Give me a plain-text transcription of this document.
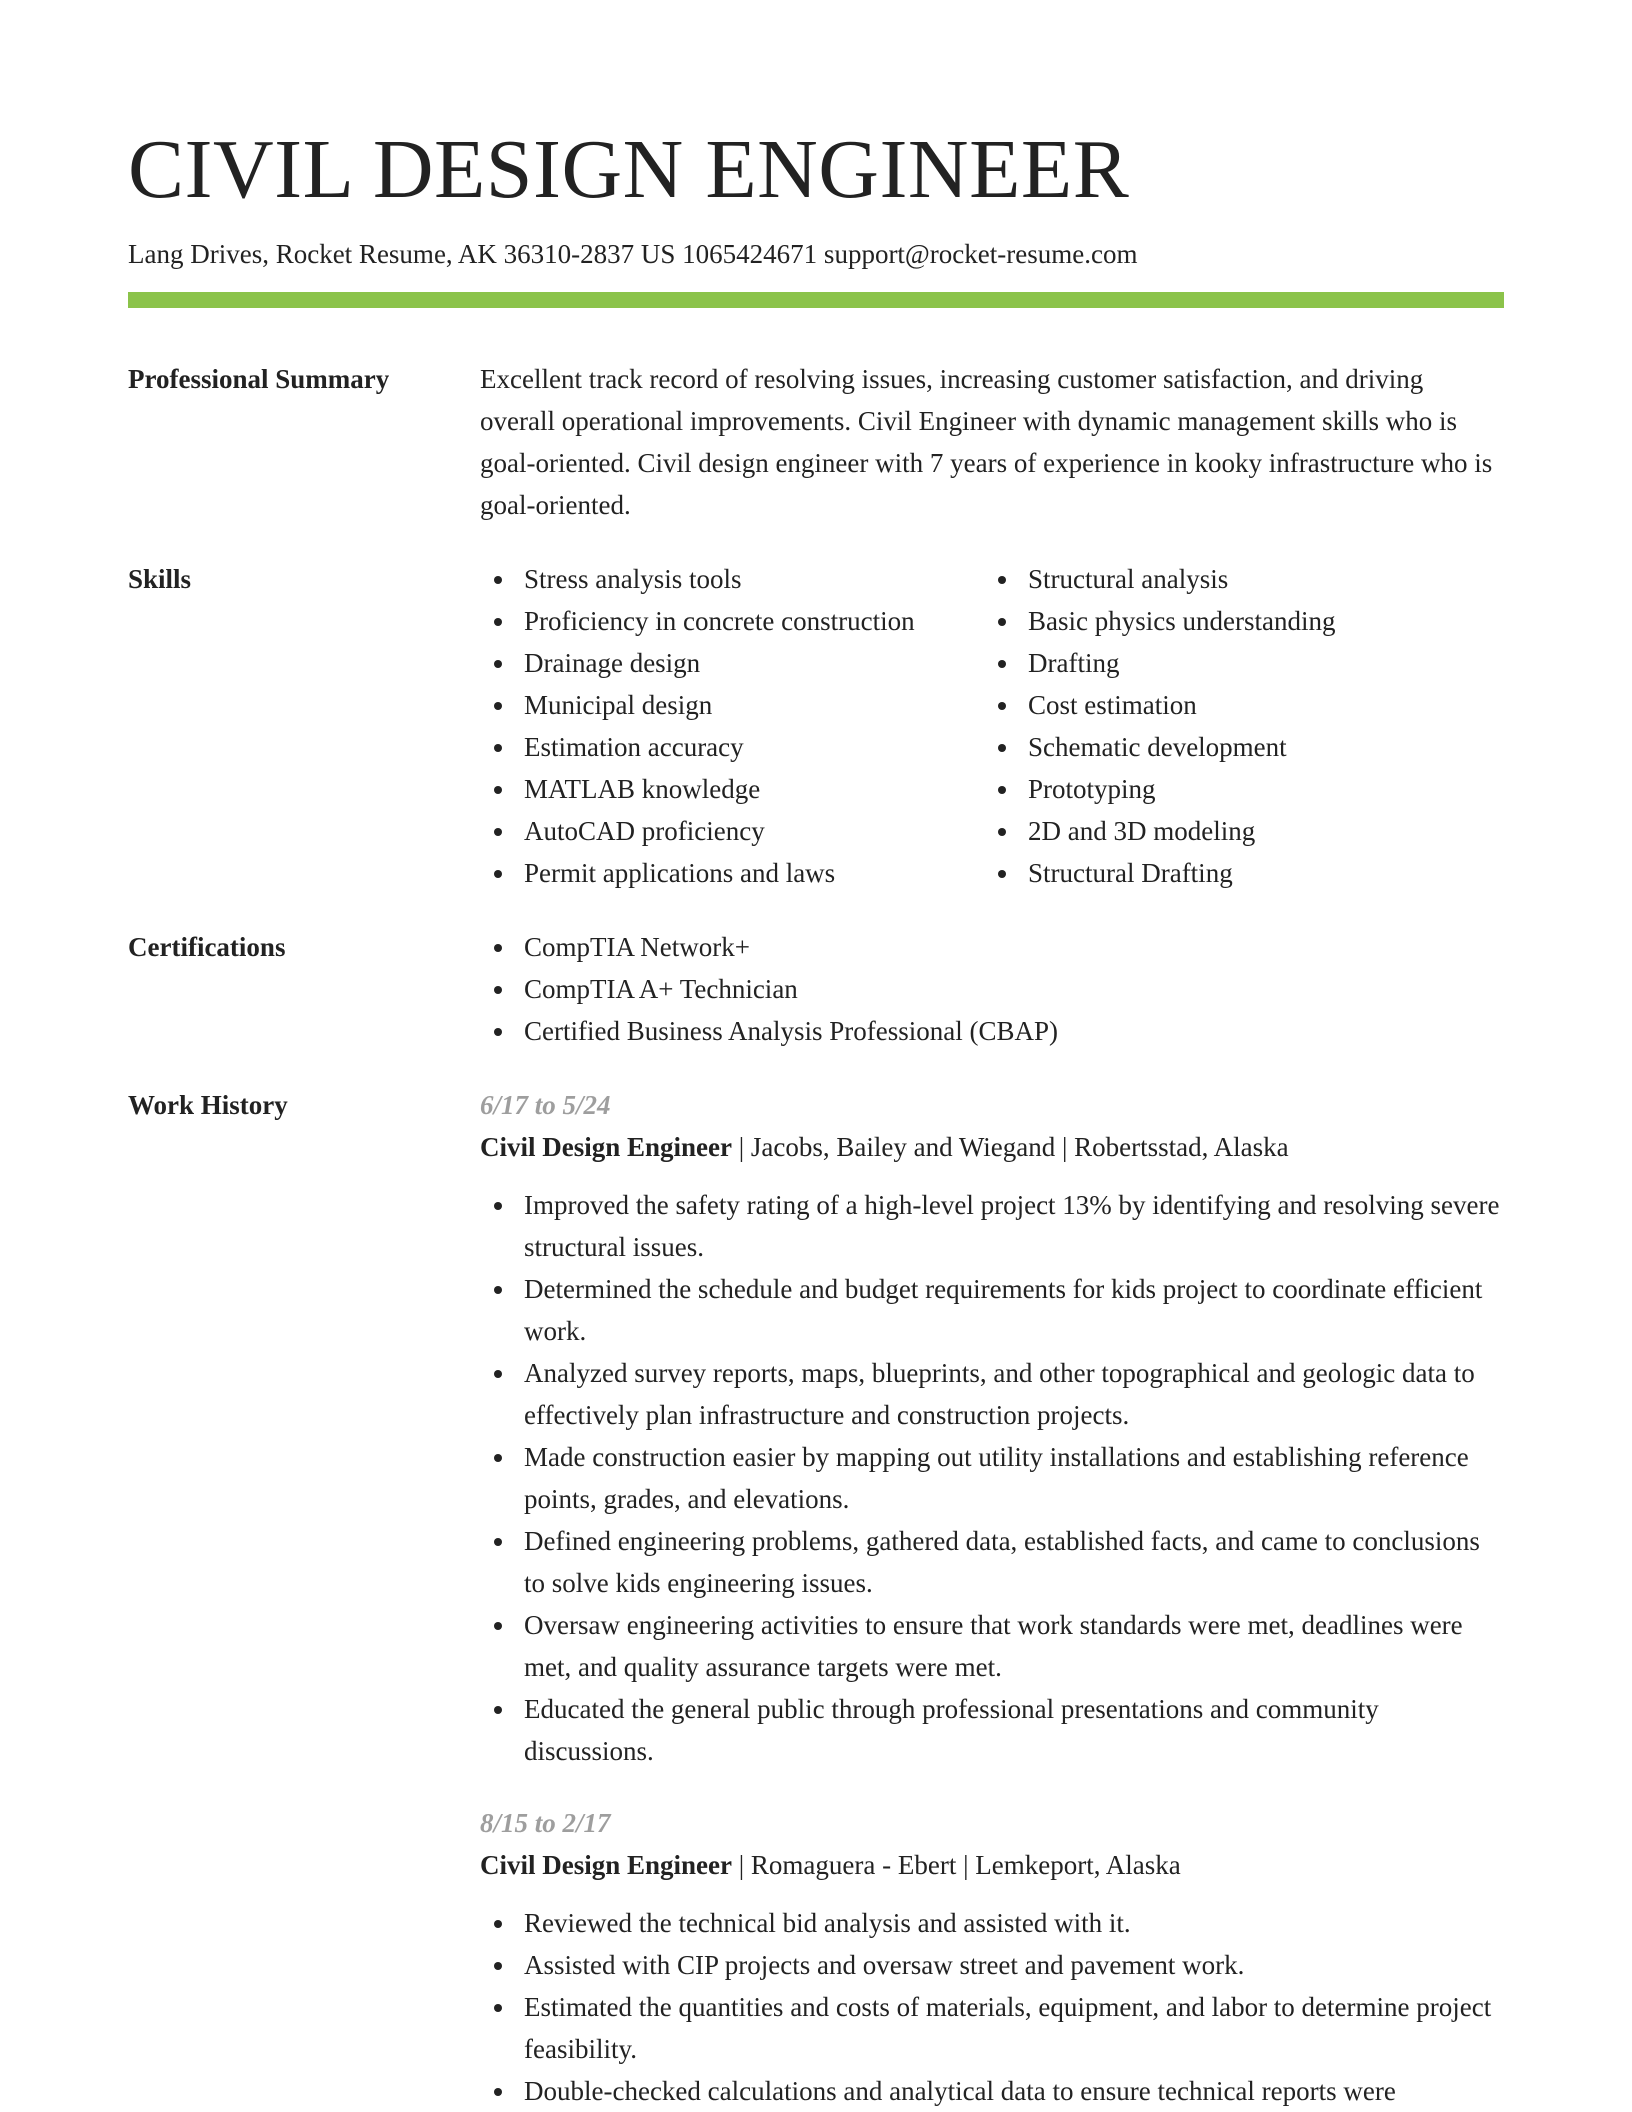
CIVIL DESIGN ENGINEER
Lang Drives, Rocket Resume, AK 36310-2837 US 1065424671 support@rocket-resume.com
Professional Summary	Excellent track record of resolving issues, increasing customer satisfaction, and driving overall operational improvements. Civil Engineer with dynamic management skills who is goal-oriented. Civil design engineer with 7 years of experience in kooky infrastructure who is goal-oriented.
Skills	Stress analysis tools
Proficiency in concrete construction
Drainage design
Municipal design
Estimation accuracy
MATLAB knowledge
AutoCAD proficiency
Permit applications and laws
Structural analysis
Basic physics understanding
Drafting
Cost estimation
Schematic development
Prototyping
2D and 3D modeling
Structural Drafting
Certifications	CompTIA Network+
CompTIA A+ Technician
Certified Business Analysis Professional (CBAP)
Work History	6/17 to 5/24
Civil Design Engineer | Jacobs, Bailey and Wiegand | Robertsstad, Alaska
Improved the safety rating of a high-level project 13% by identifying and resolving severe structural issues.
Determined the schedule and budget requirements for kids project to coordinate efficient work.
Analyzed survey reports, maps, blueprints, and other topographical and geologic data to effectively plan infrastructure and construction projects.
Made construction easier by mapping out utility installations and establishing reference points, grades, and elevations.
Defined engineering problems, gathered data, established facts, and came to conclusions to solve kids engineering issues.
Oversaw engineering activities to ensure that work standards were met, deadlines were met, and quality assurance targets were met.
Educated the general public through professional presentations and community discussions.
8/15 to 2/17
Civil Design Engineer | Romaguera - Ebert | Lemkeport, Alaska
Reviewed the technical bid analysis and assisted with it.
Assisted with CIP projects and oversaw street and pavement work.
Estimated the quantities and costs of materials, equipment, and labor to determine project feasibility.
Double-checked calculations and analytical data to ensure technical reports were
